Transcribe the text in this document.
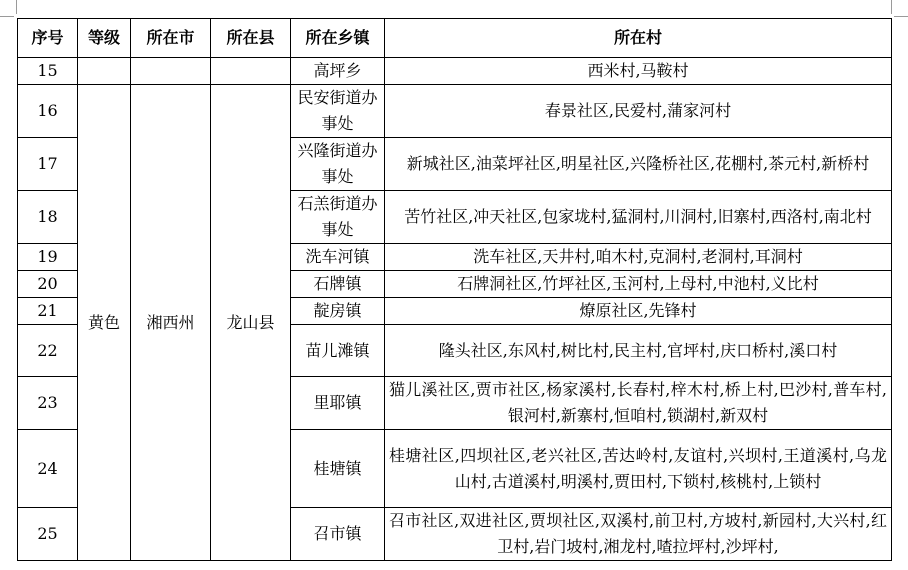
序号	等级	所在市	所在县	所在乡镇	所在村
15				高坪乡	西米村,马鞍村
16	黄色	湘西州	龙山县	民安街道办事处	春景社区,民爱村,蒲家河村
17				兴隆街道办事处	新城社区,油菜坪社区,明星社区,兴隆桥社区,花棚村,茶元村,新桥村
18				石羔街道办事处	苦竹社区,冲天社区,包家垅村,猛洞村,川洞村,旧寨村,西洛村,南北村
19				洗车河镇	洗车社区,天井村,咱木村,克洞村,老洞村,耳洞村
20				石牌镇	石牌洞社区,竹坪社区,玉河村,上母村,中池村,义比村
21				靛房镇	燎原社区,先锋村
22				苗儿滩镇	隆头社区,东风村,树比村,民主村,官坪村,庆口桥村,溪口村
23				里耶镇	猫儿溪社区,贾市社区,杨家溪村,长春村,梓木村,桥上村,巴沙村,普车村,银河村,新寨村,恒咱村,锁湖村,新双村
24				桂塘镇	桂塘社区,四坝社区,老兴社区,苦达岭村,友谊村,兴坝村,王道溪村,乌龙山村,古道溪村,明溪村,贾田村,下锁村,核桃村,上锁村
25				召市镇	召市社区,双进社区,贾坝社区,双溪村,前卫村,方坡村,新园村,大兴村,红卫村,岩门坡村,湘龙村,喳拉坪村,沙坪村,
